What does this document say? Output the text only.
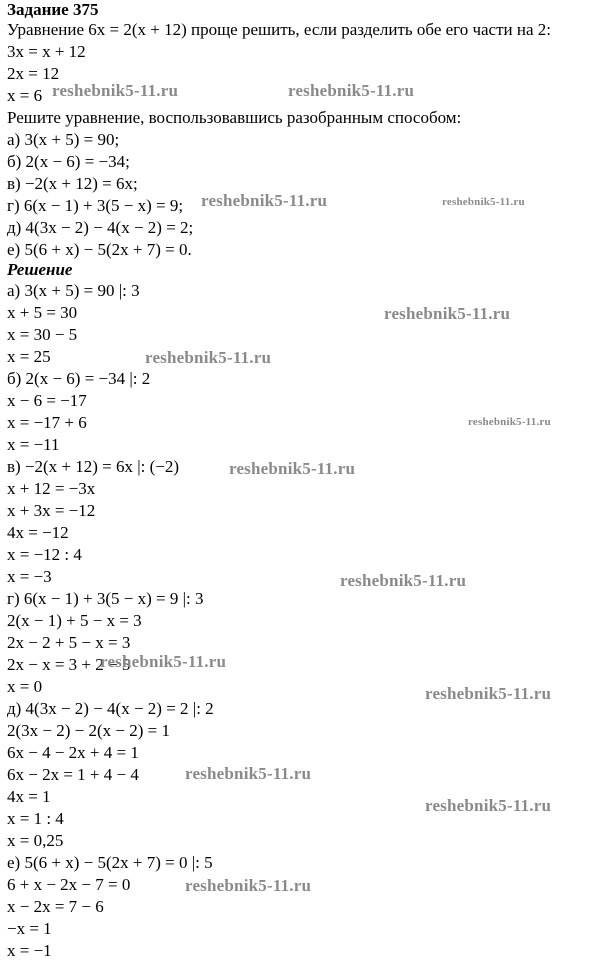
Задание 375
Уравнение 6х = 2(х + 12) проще решить, если разделить обе его части на 2:
3х = х + 12
2х = 12
х = 6
Решите уравнение, воспользовавшись разобранным способом:
а) 3(х + 5) = 90;
б) 2(х − 6) = −34;
в) −2(х + 12) = 6х;
г) 6(х − 1) + 3(5 − х) = 9;
д) 4(3х − 2) − 4(х − 2) = 2;
е) 5(6 + х) − 5(2х + 7) = 0.
Решение
а) 3(х + 5) = 90 |: 3
х + 5 = 30
х = 30 − 5
х = 25
б) 2(х − 6) = −34 |: 2
х − 6 = −17
х = −17 + 6
х = −11
в) −2(х + 12) = 6х |: (−2)
х + 12 = −3х
х + 3х = −12
4х = −12
х = −12 : 4
х = −3
г) 6(х − 1) + 3(5 − х) = 9 |: 3
2(х − 1) + 5 − х = 3
2х − 2 + 5 − х = 3
2х − х = 3 + 2 − 5
х = 0
д) 4(3х − 2) − 4(х − 2) = 2 |: 2
2(3х − 2) − 2(х − 2) = 1
6х − 4 − 2х + 4 = 1
6х − 2х = 1 + 4 − 4
4х = 1
х = 1 : 4
х = 0,25
е) 5(6 + х) − 5(2х + 7) = 0 |: 5
6 + х − 2х − 7 = 0
х − 2х = 7 − 6
−х = 1
х = −1
reshebnik5-11.ru	reshebnik5-11.ru
reshebnik5-11.ru	reshebnik5-11.ru
reshebnik5-11.ru
reshebnik5-11.ru
reshebnik5-11.ru
reshebnik5-11.ru
reshebnik5-11.ru
reshebnik5-11.ru
reshebnik5-11.ru
reshebnik5-11.ru
reshebnik5-11.ru
reshebnik5-11.ru
